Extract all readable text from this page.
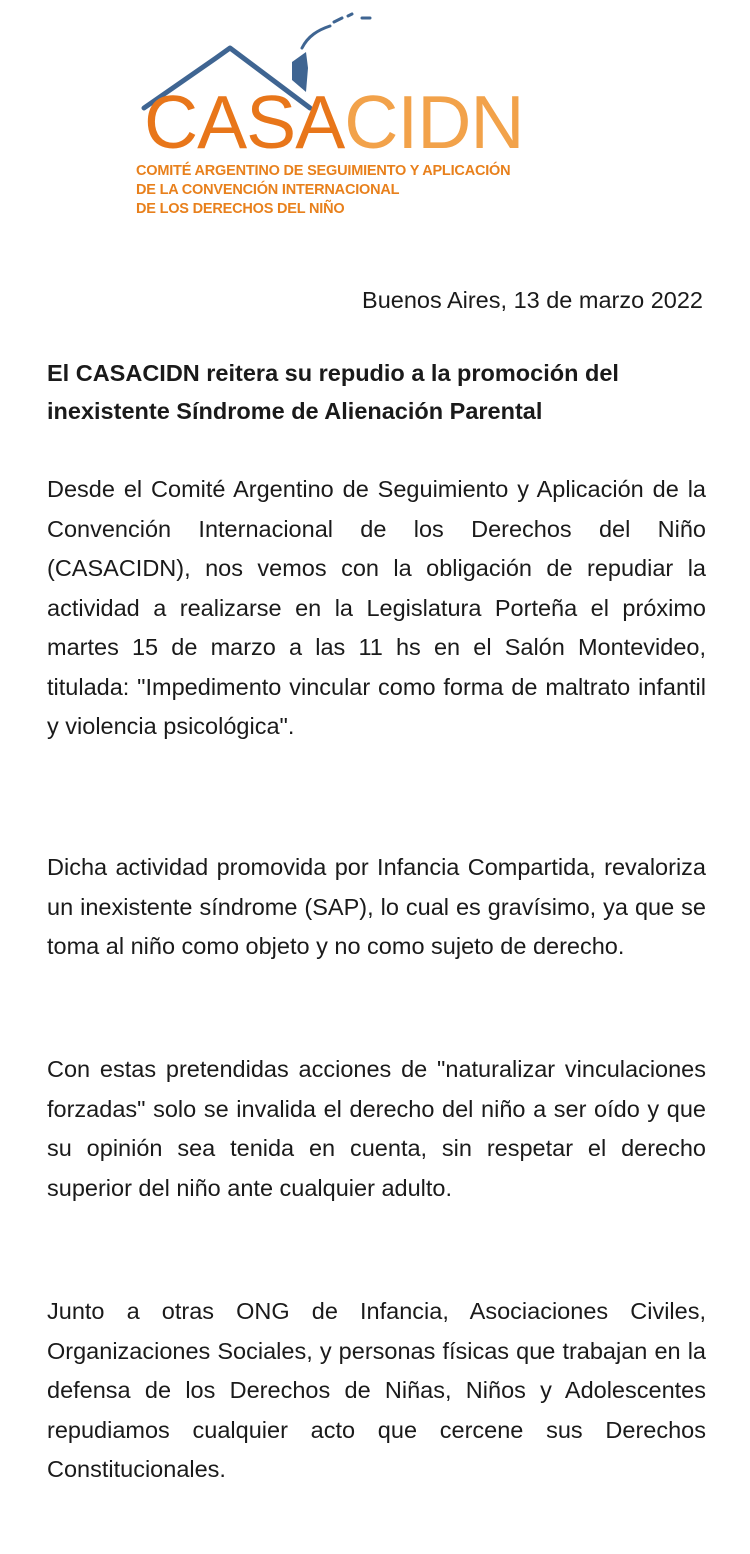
CASACIDN
COMITÉ ARGENTINO DE SEGUIMIENTO Y APLICACIÓN
DE LA CONVENCIÓN INTERNACIONAL
DE LOS DERECHOS DEL NIÑO

Buenos Aires, 13 de marzo 2022

El CASACIDN reitera su repudio a la promoción del inexistente Síndrome de Alienación Parental

Desde el Comité Argentino de Seguimiento y Aplicación de la Convención Internacional de los Derechos del Niño (CASACIDN), nos vemos con la obligación de repudiar la actividad a realizarse en la Legislatura Porteña el próximo martes 15 de marzo a las 11 hs en el Salón Montevideo, titulada: "Impedimento vincular como forma de maltrato infantil y violencia psicológica".

Dicha actividad promovida por Infancia Compartida, revaloriza un inexistente síndrome (SAP), lo cual es gravísimo, ya que se toma al niño como objeto y no como sujeto de derecho.

Con estas pretendidas acciones de "naturalizar vinculaciones forzadas" solo se invalida el derecho del niño a ser oído y que su opinión sea tenida en cuenta, sin respetar el derecho superior del niño ante cualquier adulto.

Junto a otras ONG de Infancia, Asociaciones Civiles, Organizaciones Sociales, y personas físicas que trabajan en la defensa de los Derechos de Niñas, Niños y Adolescentes repudiamos cualquier acto que cercene sus Derechos Constitucionales.
